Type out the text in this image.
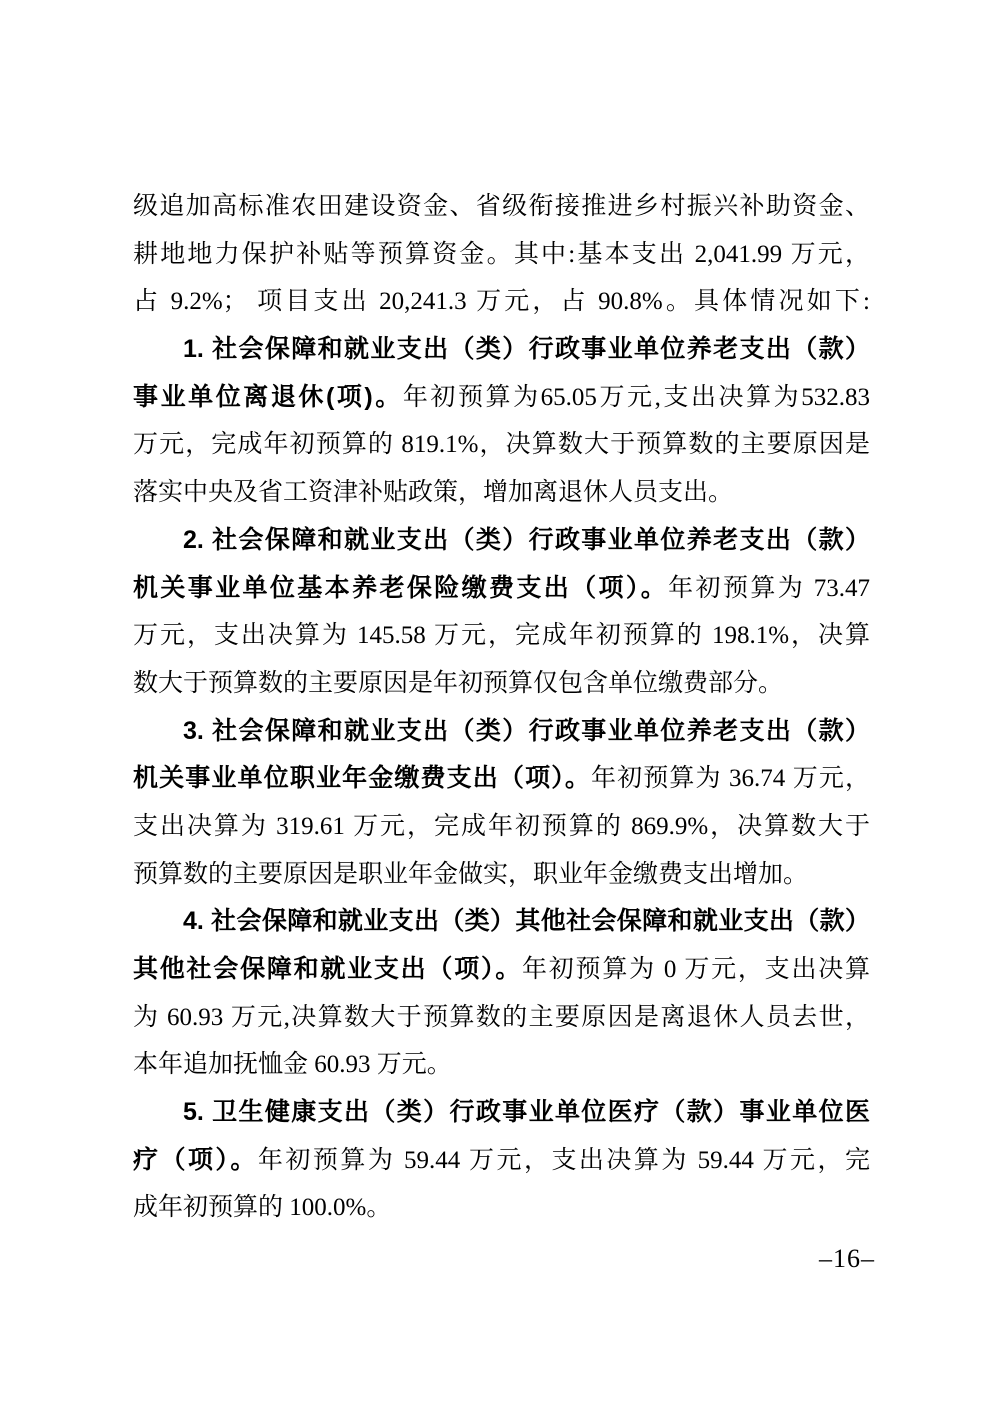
级追加高标准农田建设资金、省级衔接推进乡村振兴补助资金、
耕地地力保护补贴等预算资金。其中:基本支出 2,041.99 万元，
占 9.2%； 项目支出 20,241.3 万元，占 90.8%。具体情况如下:
1. 社会保障和就业支出（类）行政事业单位养老支出（款）
事业单位离退休(项)。年初预算为65.05万元,支出决算为532.83
万元，完成年初预算的 819.1%，决算数大于预算数的主要原因是
落实中央及省工资津补贴政策，增加离退休人员支出。
2. 社会保障和就业支出（类）行政事业单位养老支出（款）
机关事业单位基本养老保险缴费支出（项）。年初预算为 73.47
万元，支出决算为 145.58 万元，完成年初预算的 198.1%，决算
数大于预算数的主要原因是年初预算仅包含单位缴费部分。
3. 社会保障和就业支出（类）行政事业单位养老支出（款）
机关事业单位职业年金缴费支出（项）。年初预算为 36.74 万元，
支出决算为 319.61 万元，完成年初预算的 869.9%，决算数大于
预算数的主要原因是职业年金做实，职业年金缴费支出增加。
4. 社会保障和就业支出（类）其他社会保障和就业支出（款）
其他社会保障和就业支出（项）。年初预算为 0 万元，支出决算
为 60.93 万元,决算数大于预算数的主要原因是离退休人员去世，
本年追加抚恤金 60.93 万元。
5. 卫生健康支出（类）行政事业单位医疗（款）事业单位医
疗（项）。年初预算为 59.44 万元，支出决算为 59.44 万元，完
成年初预算的 100.0%。
–16–
